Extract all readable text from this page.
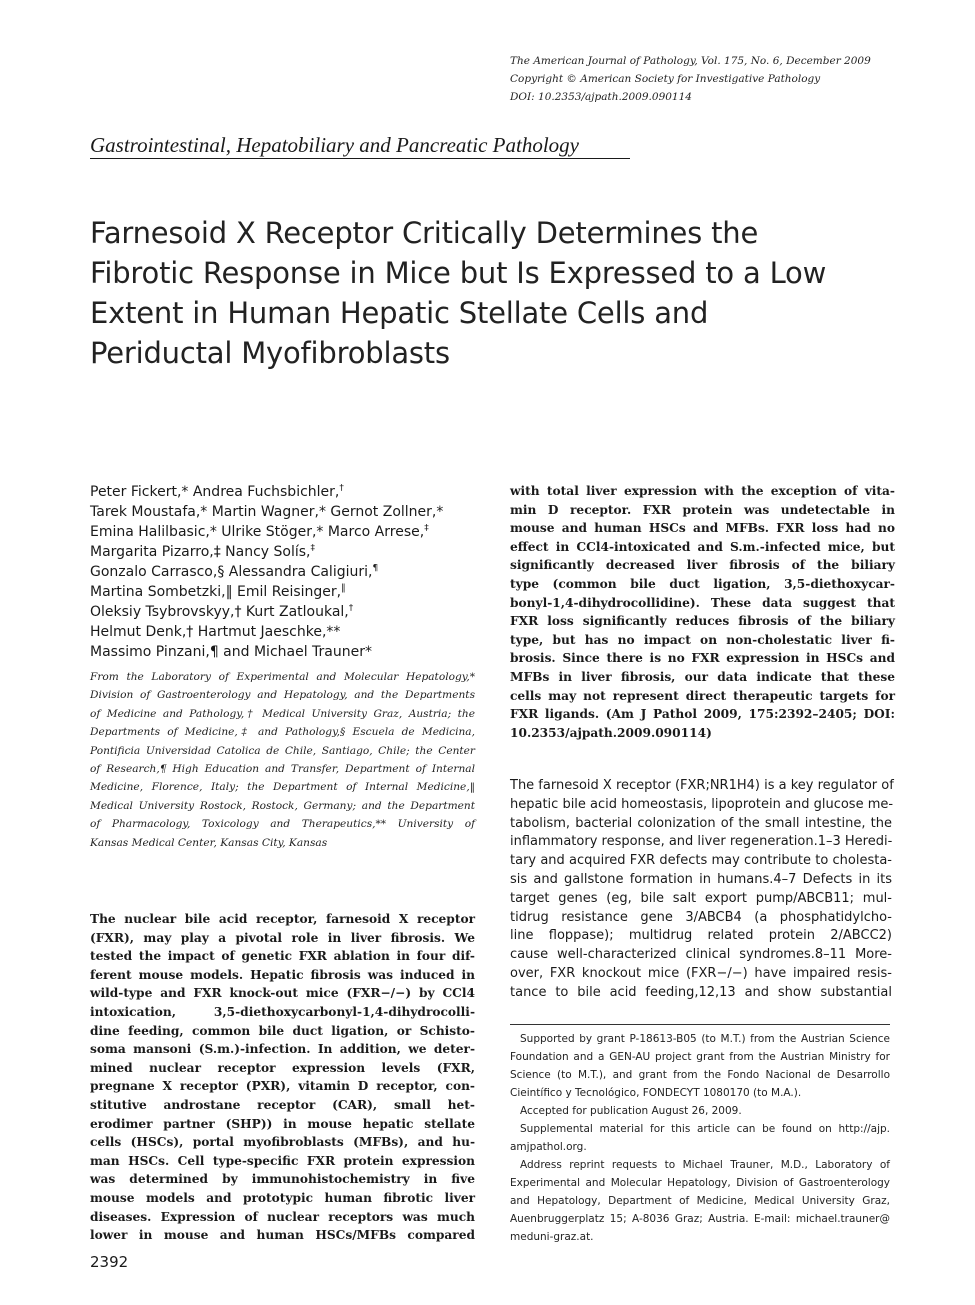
The American Journal of Pathology, Vol. 175, No. 6, December 2009
Copyright © American Society for Investigative Pathology
DOI: 10.2353/ajpath.2009.090114
Gastrointestinal, Hepatobiliary and Pancreatic Pathology
Farnesoid X Receptor Critically Determines the
Fibrotic Response in Mice but Is Expressed to a Low
Extent in Human Hepatic Stellate Cells and
Periductal Myofibroblasts
Peter Fickert,* Andrea Fuchsbichler,†
Tarek Moustafa,* Martin Wagner,* Gernot Zollner,*
Emina Halilbasic,* Ulrike Stöger,* Marco Arrese,‡
Margarita Pizarro,‡ Nancy Solís,‡
Gonzalo Carrasco,§ Alessandra Caligiuri,¶
Martina Sombetzki,‖ Emil Reisinger,‖
Oleksiy Tsybrovskyy,† Kurt Zatloukal,†
Helmut Denk,† Hartmut Jaeschke,**
Massimo Pinzani,¶ and Michael Trauner*
From the Laboratory of Experimental and Molecular Hepatology,*
Division of Gastroenterology and Hepatology, and the Departments
of Medicine and Pathology,† Medical University Graz, Austria; the
Departments of Medicine,‡ and Pathology,§ Escuela de Medicina,
Pontificia Universidad Catolica de Chile, Santiago, Chile; the Center
of Research,¶ High Education and Transfer, Department of Internal
Medicine, Florence, Italy; the Department of Internal Medicine,‖
Medical University Rostock, Rostock, Germany; and the Department
of Pharmacology, Toxicology and Therapeutics,** University of
Kansas Medical Center, Kansas City, Kansas
The nuclear bile acid receptor, farnesoid X receptor
(FXR), may play a pivotal role in liver fibrosis. We
tested the impact of genetic FXR ablation in four dif-
ferent mouse models. Hepatic fibrosis was induced in
wild-type and FXR knock-out mice (FXR−/−) by CCl4
intoxication, 3,5-diethoxycarbonyl-1,4-dihydrocolli-
dine feeding, common bile duct ligation, or Schisto-
soma mansoni (S.m.)-infection. In addition, we deter-
mined nuclear receptor expression levels (FXR,
pregnane X receptor (PXR), vitamin D receptor, con-
stitutive androstane receptor (CAR), small het-
erodimer partner (SHP)) in mouse hepatic stellate
cells (HSCs), portal myofibroblasts (MFBs), and hu-
man HSCs. Cell type-specific FXR protein expression
was determined by immunohistochemistry in five
mouse models and prototypic human fibrotic liver
diseases. Expression of nuclear receptors was much
lower in mouse and human HSCs/MFBs compared
with total liver expression with the exception of vita-
min D receptor. FXR protein was undetectable in
mouse and human HSCs and MFBs. FXR loss had no
effect in CCl4-intoxicated and S.m.-infected mice, but
significantly decreased liver fibrosis of the biliary
type (common bile duct ligation, 3,5-diethoxycar-
bonyl-1,4-dihydrocollidine). These data suggest that
FXR loss significantly reduces fibrosis of the biliary
type, but has no impact on non-cholestatic liver fi-
brosis. Since there is no FXR expression in HSCs and
MFBs in liver fibrosis, our data indicate that these
cells may not represent direct therapeutic targets for
FXR ligands. (Am J Pathol 2009, 175:2392–2405; DOI:
10.2353/ajpath.2009.090114)
The farnesoid X receptor (FXR;NR1H4) is a key regulator of
hepatic bile acid homeostasis, lipoprotein and glucose me-
tabolism, bacterial colonization of the small intestine, the
inflammatory response, and liver regeneration.1–3 Heredi-
tary and acquired FXR defects may contribute to cholesta-
sis and gallstone formation in humans.4–7 Defects in its
target genes (eg, bile salt export pump/ABCB11; mul-
tidrug resistance gene 3/ABCB4 (a phosphatidylcho-
line floppase); multidrug related protein 2/ABCC2)
cause well-characterized clinical syndromes.8–11 More-
over, FXR knockout mice (FXR−/−) have impaired resis-
tance to bile acid feeding,12,13 and show substantial
Supported by grant P-18613-B05 (to M.T.) from the Austrian Science
Foundation and a GEN-AU project grant from the Austrian Ministry for
Science (to M.T.), and grant from the Fondo Nacional de Desarrollo
Cieintífico y Tecnológico, FONDECYT 1080170 (to M.A.).
Accepted for publication August 26, 2009.
Supplemental material for this article can be found on http://ajp.
amjpathol.org.
Address reprint requests to Michael Trauner, M.D., Laboratory of
Experimental and Molecular Hepatology, Division of Gastroenterology
and Hepatology, Department of Medicine, Medical University Graz,
Auenbruggerplatz 15; A-8036 Graz; Austria. E-mail: michael.trauner@
meduni-graz.at.
2392
